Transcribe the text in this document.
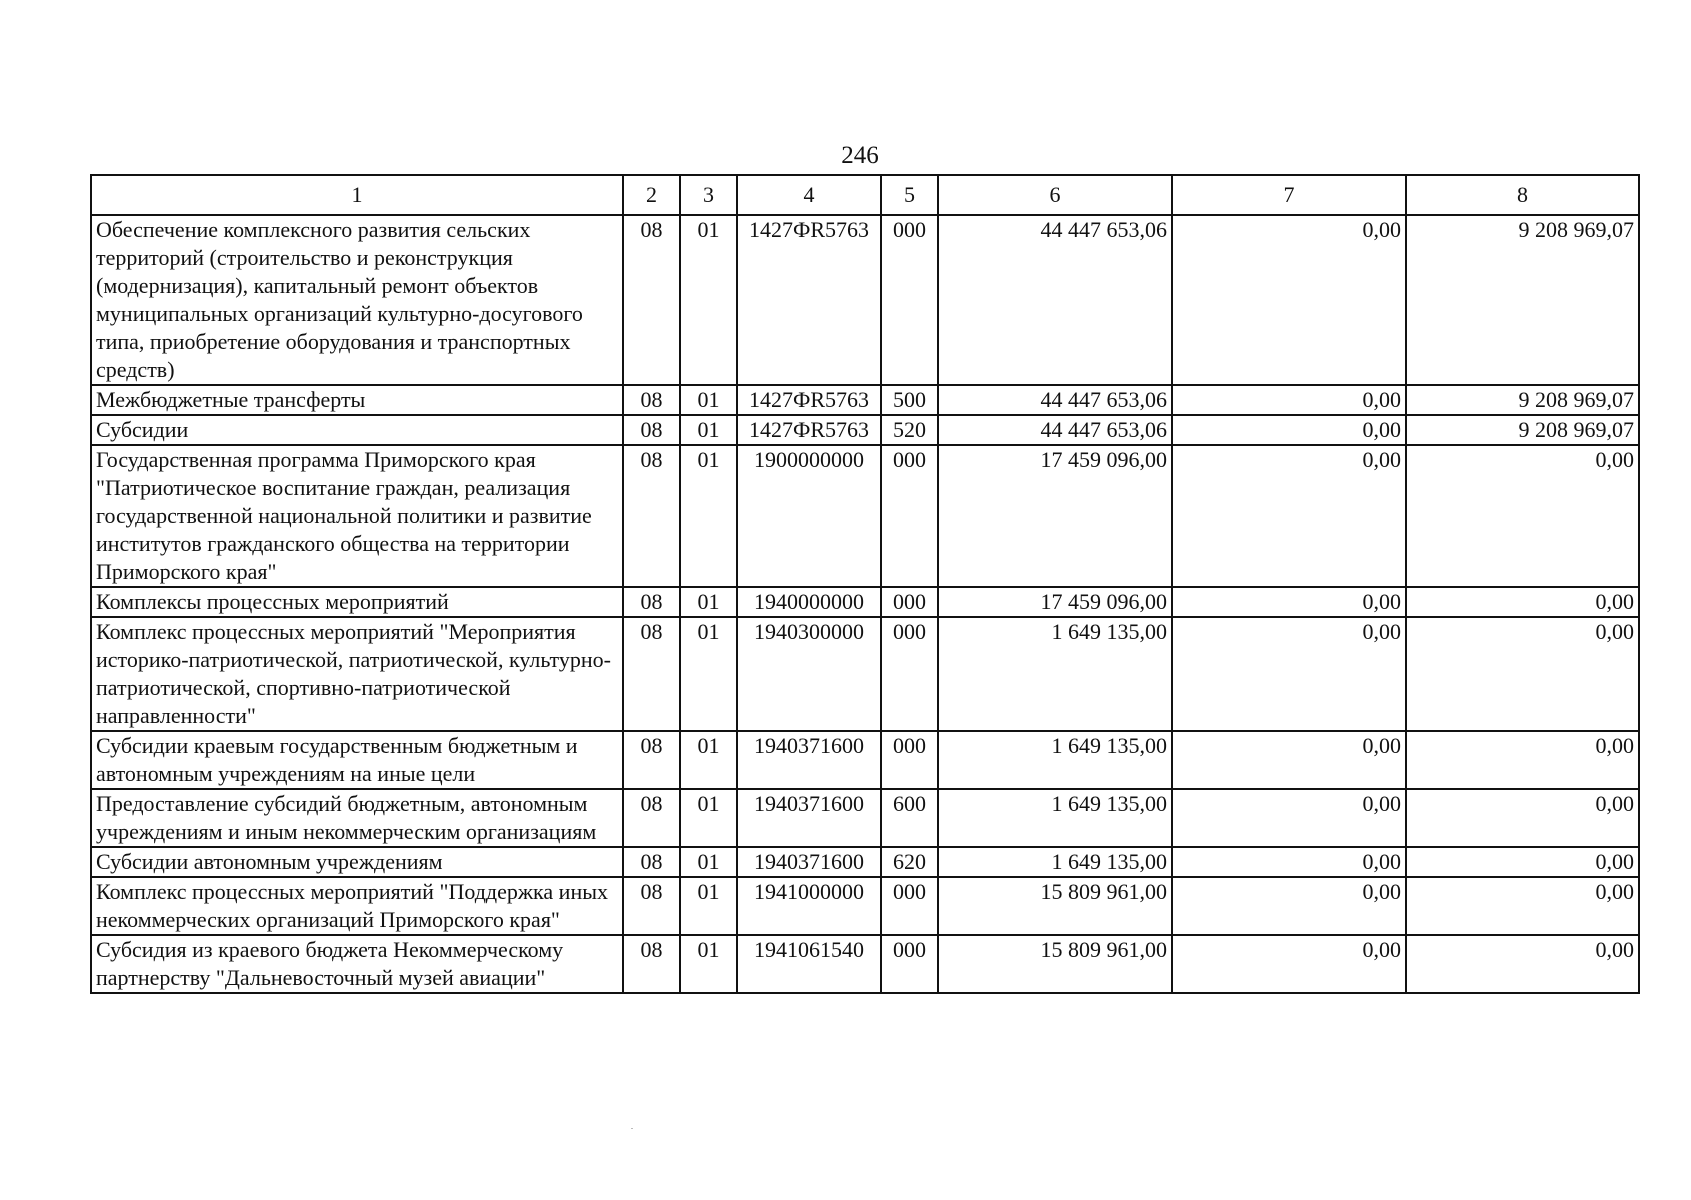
246
1	2	3	4	5	6	7	8
Обеспечение комплексного развития сельских территорий (строительство и реконструкция (модернизация), капитальный ремонт объектов муниципальных организаций культурно-досугового типа, приобретение оборудования и транспортных средств)	08	01	1427ФR5763	000	44 447 653,06	0,00	9 208 969,07
Межбюджетные трансферты	08	01	1427ФR5763	500	44 447 653,06	0,00	9 208 969,07
Субсидии	08	01	1427ФR5763	520	44 447 653,06	0,00	9 208 969,07
Государственная программа Приморского края "Патриотическое воспитание граждан, реализация государственной национальной политики и развитие институтов гражданского общества на территории Приморского края"	08	01	1900000000	000	17 459 096,00	0,00	0,00
Комплексы процессных мероприятий	08	01	1940000000	000	17 459 096,00	0,00	0,00
Комплекс процессных мероприятий "Мероприятия историко-патриотической, патриотической, культурно-патриотической, спортивно-патриотической направленности"	08	01	1940300000	000	1 649 135,00	0,00	0,00
Субсидии краевым государственным бюджетным и автономным учреждениям на иные цели	08	01	1940371600	000	1 649 135,00	0,00	0,00
Предоставление субсидий бюджетным, автономным учреждениям и иным некоммерческим организациям	08	01	1940371600	600	1 649 135,00	0,00	0,00
Субсидии автономным учреждениям	08	01	1940371600	620	1 649 135,00	0,00	0,00
Комплекс процессных мероприятий "Поддержка иных некоммерческих организаций Приморского края"	08	01	1941000000	000	15 809 961,00	0,00	0,00
Субсидия из краевого бюджета Некоммерческому партнерству "Дальневосточный музей авиации"	08	01	1941061540	000	15 809 961,00	0,00	0,00
